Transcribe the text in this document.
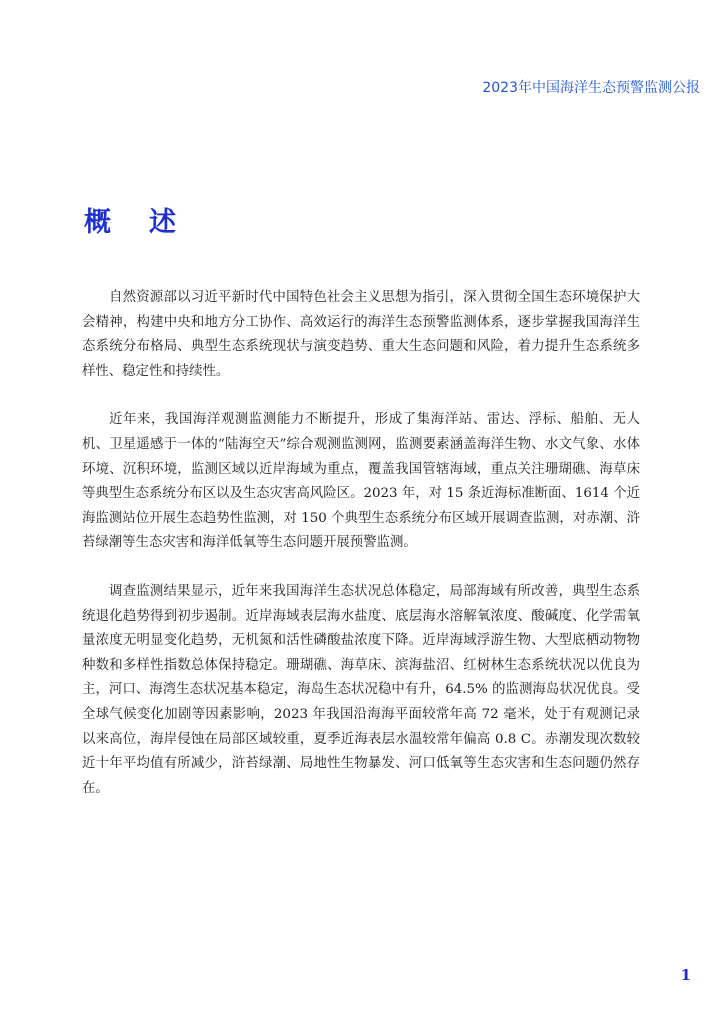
2023年中国海洋生态预警监测公报
概 述

自然资源部以习近平新时代中国特色社会主义思想为指引，深入贯彻全国生态环境保护大会精神，构建中央和地方分工协作、高效运行的海洋生态预警监测体系，逐步掌握我国海洋生态系统分布格局、典型生态系统现状与演变趋势、重大生态问题和风险，着力提升生态系统多样性、稳定性和持续性。

近年来，我国海洋观测监测能力不断提升，形成了集海洋站、雷达、浮标、船舶、无人机、卫星遥感于一体的“陆海空天”综合观测监测网，监测要素涵盖海洋生物、水文气象、水体环境、沉积环境，监测区域以近岸海域为重点，覆盖我国管辖海域，重点关注珊瑚礁、海草床等典型生态系统分布区以及生态灾害高风险区。2023 年，对 15 条近海标准断面、1614 个近海监测站位开展生态趋势性监测，对 150 个典型生态系统分布区域开展调查监测，对赤潮、浒苔绿潮等生态灾害和海洋低氧等生态问题开展预警监测。

调查监测结果显示，近年来我国海洋生态状况总体稳定，局部海域有所改善，典型生态系统退化趋势得到初步遏制。近岸海域表层海水盐度、底层海水溶解氧浓度、酸碱度、化学需氧量浓度无明显变化趋势，无机氮和活性磷酸盐浓度下降。近岸海域浮游生物、大型底栖动物物种数和多样性指数总体保持稳定。珊瑚礁、海草床、滨海盐沼、红树林生态系统状况以优良为主，河口、海湾生态状况基本稳定，海岛生态状况稳中有升，64.5% 的监测海岛状况优良。受全球气候变化加剧等因素影响，2023 年我国沿海海平面较常年高 72 毫米，处于有观测记录以来高位，海岸侵蚀在局部区域较重，夏季近海表层水温较常年偏高 0.8 C。赤潮发现次数较近十年平均值有所减少，浒苔绿潮、局地性生物暴发、河口低氧等生态灾害和生态问题仍然存在。

1
